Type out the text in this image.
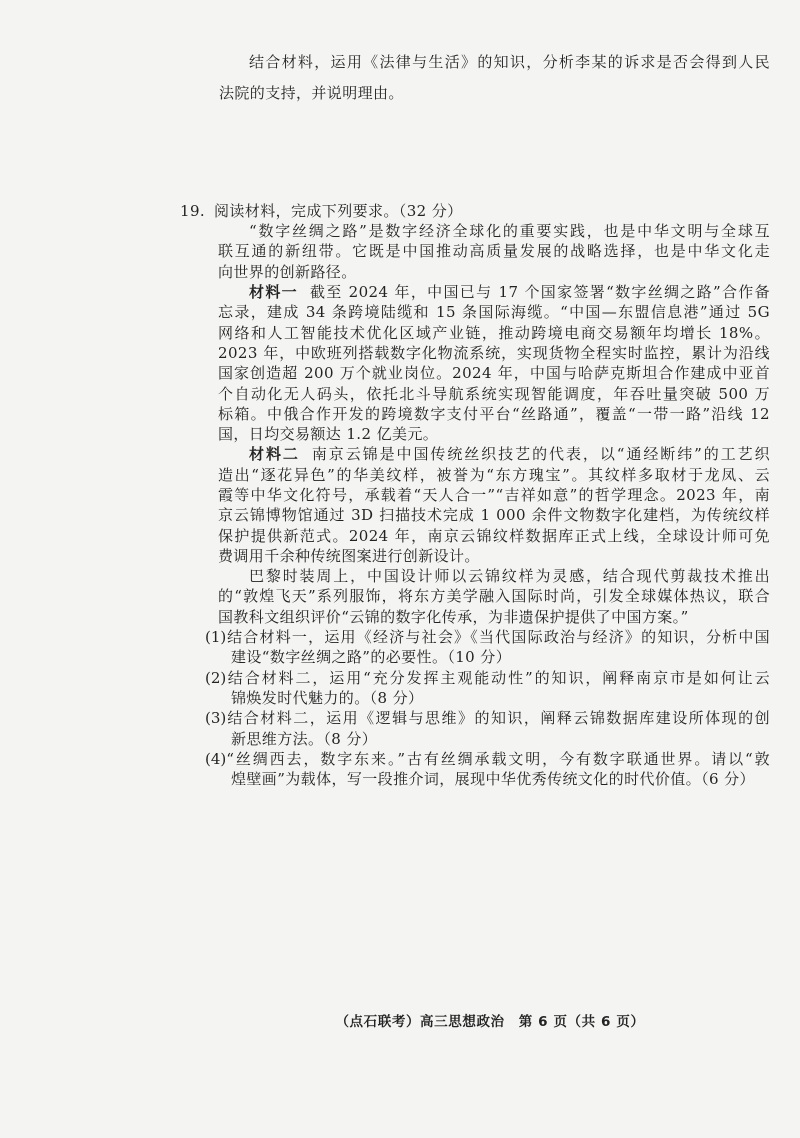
结合材料，运用《法律与生活》的知识，分析李某的诉求是否会得到人民
法院的支持，并说明理由。
19. 阅读材料，完成下列要求。（32 分）
“数字丝绸之路”是数字经济全球化的重要实践，也是中华文明与全球互
联互通的新纽带。它既是中国推动高质量发展的战略选择，也是中华文化走
向世界的创新路径。
材料一 截至 2024 年，中国已与 17 个国家签署“数字丝绸之路”合作备
忘录，建成 34 条跨境陆缆和 15 条国际海缆。“中国—东盟信息港”通过 5G
网络和人工智能技术优化区域产业链，推动跨境电商交易额年均增长 18%。
2023 年，中欧班列搭载数字化物流系统，实现货物全程实时监控，累计为沿线
国家创造超 200 万个就业岗位。2024 年，中国与哈萨克斯坦合作建成中亚首
个自动化无人码头，依托北斗导航系统实现智能调度，年吞吐量突破 500 万
标箱。中俄合作开发的跨境数字支付平台“丝路通”，覆盖“一带一路”沿线 12
国，日均交易额达 1.2 亿美元。
材料二 南京云锦是中国传统丝织技艺的代表，以“通经断纬”的工艺织
造出“逐花异色”的华美纹样，被誉为“东方瑰宝”。其纹样多取材于龙凤、云
霞等中华文化符号，承载着“天人合一”“吉祥如意”的哲学理念。2023 年，南
京云锦博物馆通过 3D 扫描技术完成 1 000 余件文物数字化建档，为传统纹样
保护提供新范式。2024 年，南京云锦纹样数据库正式上线，全球设计师可免
费调用千余种传统图案进行创新设计。
巴黎时装周上，中国设计师以云锦纹样为灵感，结合现代剪裁技术推出
的“敦煌飞天”系列服饰，将东方美学融入国际时尚，引发全球媒体热议，联合
国教科文组织评价“云锦的数字化传承，为非遗保护提供了中国方案。”
(1)结合材料一，运用《经济与社会》《当代国际政治与经济》的知识，分析中国
建设“数字丝绸之路”的必要性。（10 分）
(2)结合材料二，运用“充分发挥主观能动性”的知识，阐释南京市是如何让云
锦焕发时代魅力的。（8 分）
(3)结合材料二，运用《逻辑与思维》的知识，阐释云锦数据库建设所体现的创
新思维方法。（8 分）
(4)“丝绸西去，数字东来。”古有丝绸承载文明，今有数字联通世界。请以“敦
煌壁画”为载体，写一段推介词，展现中华优秀传统文化的时代价值。（6 分）
（点石联考）高三思想政治　第 6 页（共 6 页）
